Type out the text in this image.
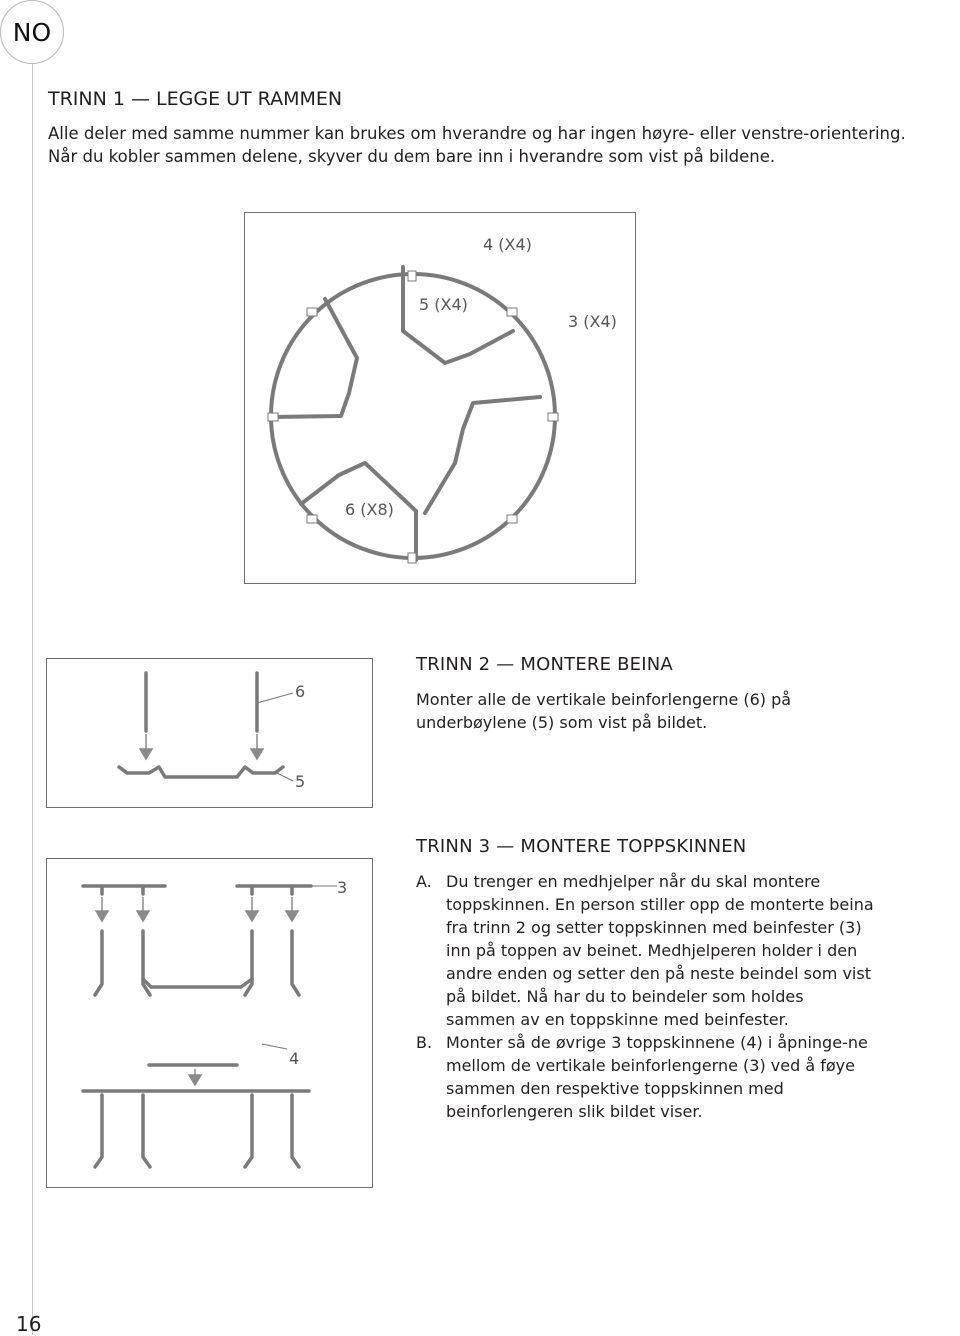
NO
TRINN 1 — LEGGE UT RAMMEN
Alle deler med samme nummer kan brukes om hverandre og har ingen høyre- eller venstre-orientering. Når du kobler sammen delene, skyver du dem bare inn i hverandre som vist på bildene.
4 (X4)
5 (X4)
3 (X4)
6 (X8)
6
5
TRINN 2 — MONTERE BEINA
Monter alle de vertikale beinforlengerne (6) på underbøylene (5) som vist på bildet.
3
4
TRINN 3 — MONTERE TOPPSKINNEN
A. Du trenger en medhjelper når du skal montere toppskinnen. En person stiller opp de monterte beina fra trinn 2 og setter toppskinnen med beinfester (3) inn på toppen av beinet. Medhjelperen holder i den andre enden og setter den på neste beindel som vist på bildet. Nå har du to beindeler som holdes sammen av en toppskinne med beinfester.
B. Monter så de øvrige 3 toppskinnene (4) i åpninge-ne mellom de vertikale beinforlengerne (3) ved å føye sammen den respektive toppskinnen med beinforlengeren slik bildet viser.
16
